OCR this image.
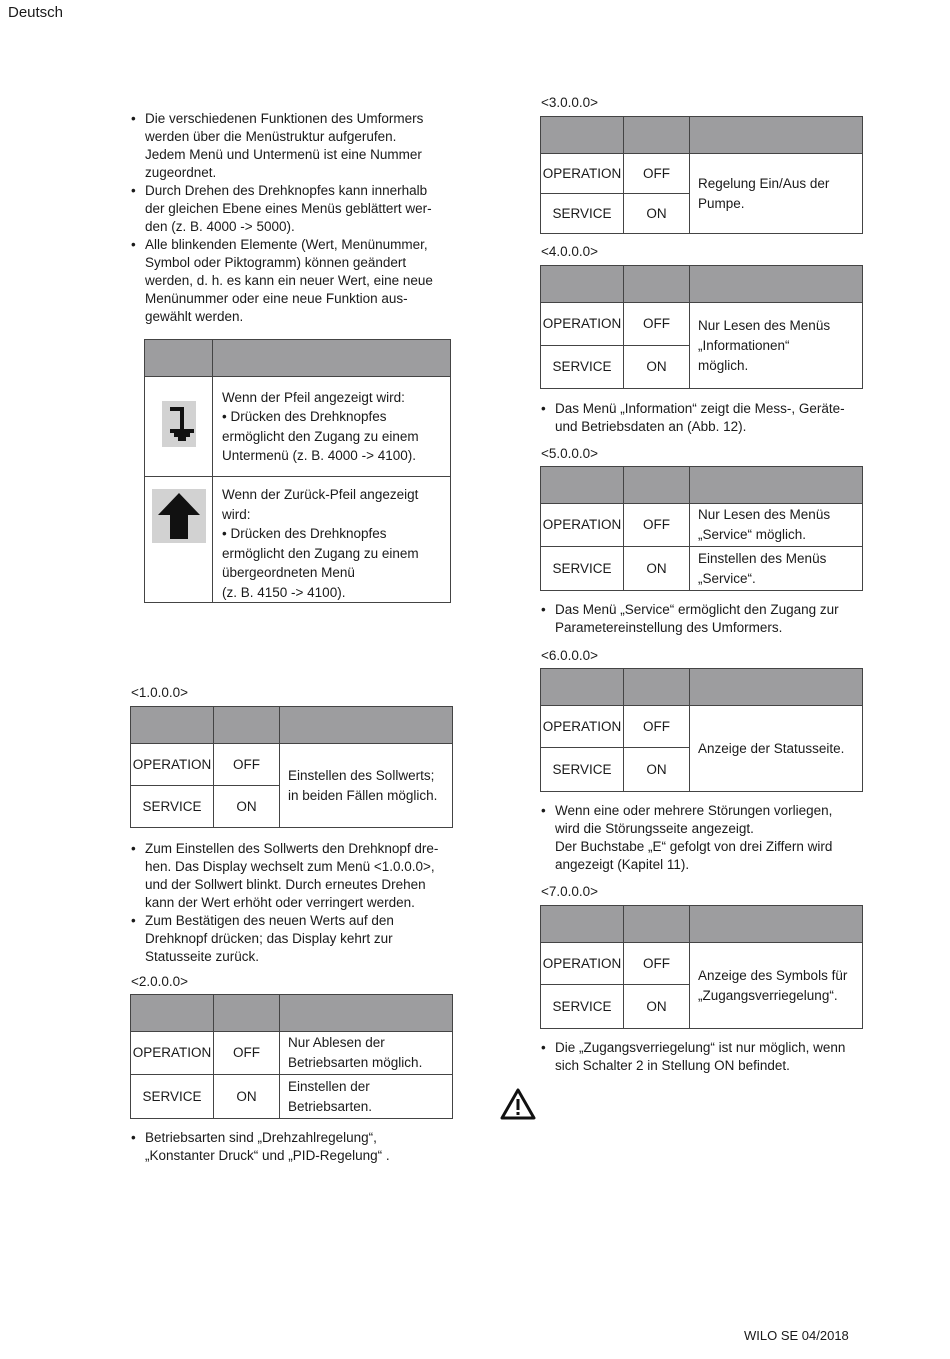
Deutsch
WILO SE 04/2018
• Die verschiedenen Funktionen des Umformers
werden über die Menüstruktur aufgerufen.
Jedem Menü und Untermenü ist eine Nummer
zugeordnet.
• Durch Drehen des Drehknopfes kann innerhalb
der gleichen Ebene eines Menüs geblättert wer-
den (z. B. 4000 -> 5000).
• Alle blinkenden Elemente (Wert, Menünummer,
Symbol oder Piktogramm) können geändert
werden, d. h. es kann ein neuer Wert, eine neue
Menünummer oder eine neue Funktion aus-
gewählt werden.

Wenn der Pfeil angezeigt wird:
• Drücken des Drehknopfes
ermöglicht den Zugang zu einem
Untermenü (z. B. 4000 -> 4100).

Wenn der Zurück-Pfeil angezeigt wird:
• Drücken des Drehknopfes
ermöglicht den Zugang zu einem
übergeordneten Menü
(z. B. 4150 -> 4100).
<1.0.0.0>

OPERATION	OFF	Einstellen des Sollwerts;
in beiden Fällen möglich.

SERVICE	ON	
• Zum Einstellen des Sollwerts den Drehknopf dre-
hen. Das Display wechselt zum Menü <1.0.0.0>,
und der Sollwert blinkt. Durch erneutes Drehen
kann der Wert erhöht oder verringert werden.
• Zum Bestätigen des neuen Werts auf den
Drehknopf drücken; das Display kehrt zur
Statusseite zurück.
<2.0.0.0>

OPERATION	OFF	Nur Ablesen der
Betriebsarten möglich.

SERVICE	ON	Einstellen der
Betriebsarten.
• Betriebsarten sind „Drehzahlregelung“,
„Konstanter Druck“ und „PID-Regelung“ .
<3.0.0.0>

OPERATION	OFF	Regelung Ein/Aus der
Pumpe.

SERVICE	ON	
<4.0.0.0>

OPERATION	OFF	Nur Lesen des Menüs
„Informationen“
möglich.

SERVICE	ON	
• Das Menü „Information“ zeigt die Mess-, Geräte-
und Betriebsdaten an (Abb. 12).
<5.0.0.0>

OPERATION	OFF	Nur Lesen des Menüs
„Service“ möglich.

SERVICE	ON	Einstellen des Menüs
„Service“.
• Das Menü „Service“ ermöglicht den Zugang zur
Parametereinstellung des Umformers.
<6.0.0.0>

OPERATION	OFF	Anzeige der Statusseite.

SERVICE	ON	
• Wenn eine oder mehrere Störungen vorliegen,
wird die Störungsseite angezeigt.
Der Buchstabe „E“ gefolgt von drei Ziffern wird
angezeigt (Kapitel 11).
<7.0.0.0>

OPERATION	OFF	Anzeige des Symbols für
„Zugangsverriegelung“.

SERVICE	ON	
• Die „Zugangsverriegelung“ ist nur möglich, wenn
sich Schalter 2 in Stellung ON befindet.
